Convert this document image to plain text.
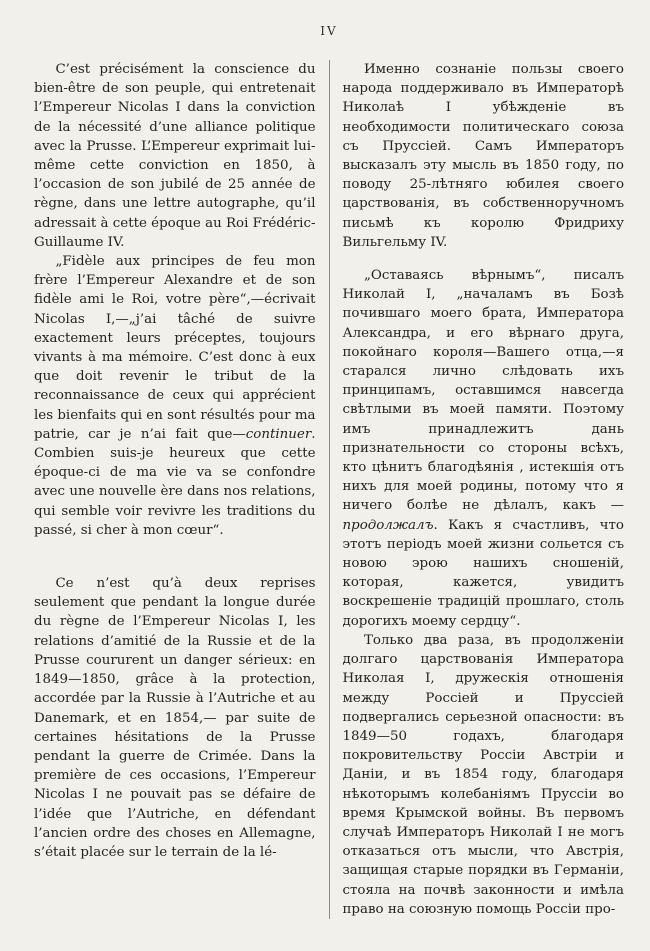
IV

C’est précisément la conscience du bien-être de son peuple, qui entretenait l’Empereur Nicolas I dans la conviction de la nécessité d’une alliance politique avec la Prusse. L’Empereur exprimait lui-même cette conviction en 1850, à l’occasion de son jubilé de 25 année de règne, dans une lettre autographe, qu’il adressait à cette époque au Roi Frédéric-Guillaume IV.

„Fidèle aux principes de feu mon frère l’Empereur Alexandre et de son fidèle ami le Roi, votre père“,—écrivait Nicolas I,—„j’ai tâché de suivre exactement leurs préceptes, toujours vivants à ma mémoire. C’est donc à eux que doit revenir le tribut de la reconnaissance de ceux qui apprécient les bienfaits qui en sont résultés pour ma patrie, car je n’ai fait que—continuer. Combien suis-je heureux que cette époque-ci de ma vie va se confondre avec une nouvelle ère dans nos relations, qui semble voir revivre les traditions du passé, si cher à mon cœur“.

Ce n’est qu’à deux reprises seulement que pendant la longue durée du règne de l’Empereur Nicolas I, les relations d’amitié de la Russie et de la Prusse coururent un danger sérieux: en 1849—1850, grâce à la protection, accordée par la Russie à l’Autriche et au Danemark, et en 1854,— par suite de certaines hésitations de la Prusse pendant la guerre de Crimée. Dans la première de ces occasions, l’Empereur Nicolas I ne pouvait pas se défaire de l’idée que l’Autriche, en défendant l’ancien ordre des choses en Allemagne, s’était placée sur le terrain de la lé-

Именно сознаніе пользы своего народа поддерживало въ Императорѣ Николаѣ I убѣжденіе въ необходимости политическаго союза съ Пруссіей. Самъ Императоръ высказалъ эту мысль въ 1850 году, по поводу 25-лѣтняго юбилея своего царствованія, въ собственноручномъ письмѣ къ королю Фридриху Вильгельму IV.

„Оставаясь вѣрнымъ“, писалъ Николай I, „началамъ въ Бозѣ почившаго моего брата, Императора Александра, и его вѣрнаго друга, покойнаго короля—Вашего отца,—я старался лично слѣдовать ихъ принципамъ, оставшимся навсегда свѣтлыми въ моей памяти. Поэтому имъ принадлежитъ дань признательности со стороны всѣхъ, кто цѣнитъ благодѣянія , истекшія отъ нихъ для моей родины, потому что я ничего болѣе не дѣлалъ, какъ — продолжалъ. Какъ я счастливъ, что этотъ періодъ моей жизни сольется съ новою эрою нашихъ сношеній, которая, кажется, увидитъ воскрешеніе традицій прошлаго, столь дорогихъ моему сердцу“.

Только два раза, въ продолженіи долгаго царствованія Императора Николая I, дружескія отношенія между Россіей и Пруссіей подвергались серьезной опасности: въ 1849—50 годахъ, благодаря покровительству Россіи Австріи и Даніи, и въ 1854 году, благодаря нѣкоторымъ колебаніямъ Пруссіи во время Крымской войны. Въ первомъ случаѣ Императоръ Николай I не могъ отказаться отъ мысли, что Австрія, защищая старые порядки въ Германіи, стояла на почвѣ законности и имѣла право на союзную помощь Россіи про-
